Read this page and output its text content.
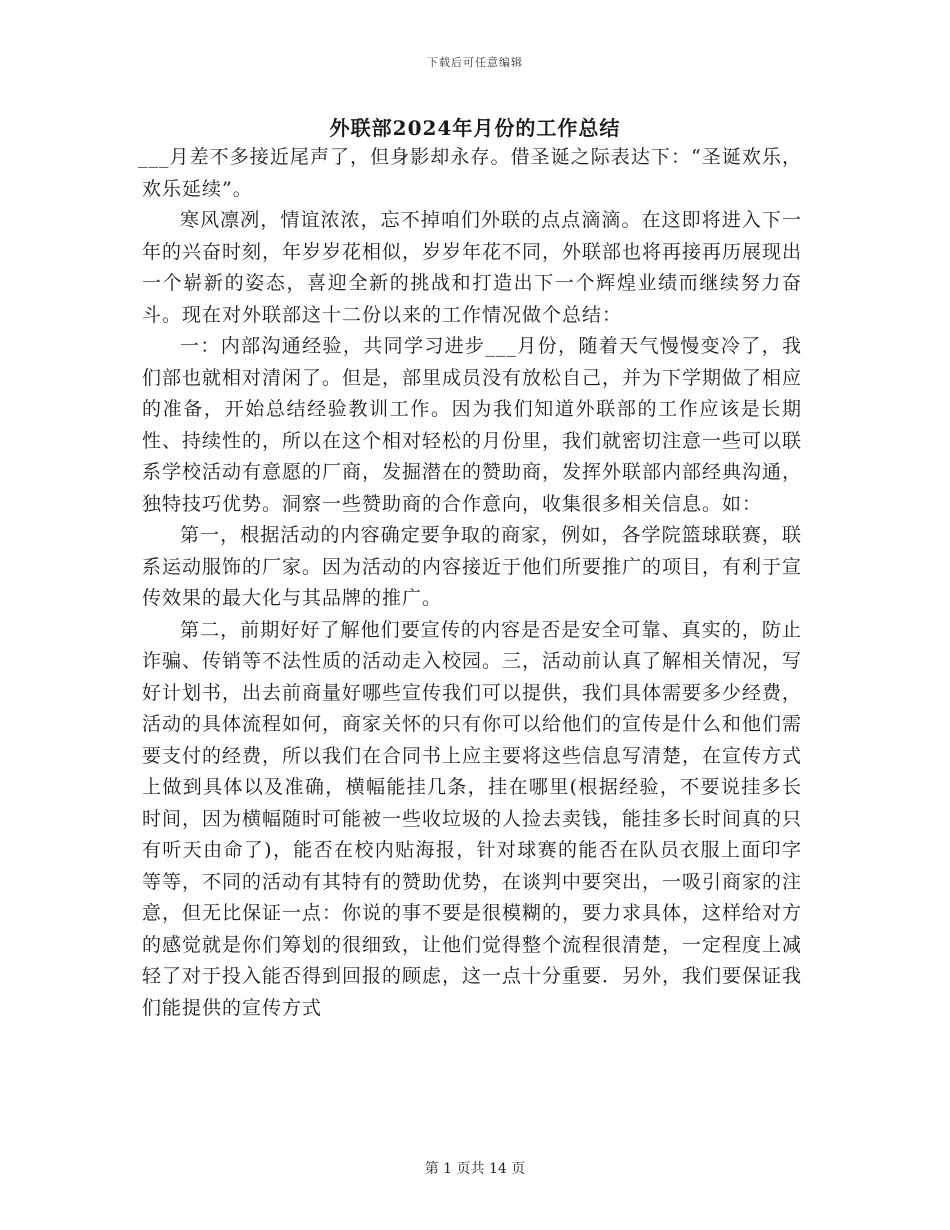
下载后可任意编辑
外联部2024年月份的工作总结

___月差不多接近尾声了，但身影却永存。借圣诞之际表达下：“圣诞欢乐，欢乐延续”。

寒风凛冽，情谊浓浓，忘不掉咱们外联的点点滴滴。在这即将进入下一年的兴奋时刻，年岁岁花相似，岁岁年花不同，外联部也将再接再历展现出一个崭新的姿态，喜迎全新的挑战和打造出下一个辉煌业绩而继续努力奋斗。现在对外联部这十二份以来的工作情况做个总结：

一：内部沟通经验，共同学习进步___月份，随着天气慢慢变冷了，我们部也就相对清闲了。但是，部里成员没有放松自己，并为下学期做了相应的准备，开始总结经验教训工作。因为我们知道外联部的工作应该是长期性、持续性的，所以在这个相对轻松的月份里，我们就密切注意一些可以联系学校活动有意愿的厂商，发掘潜在的赞助商，发挥外联部内部经典沟通，独特技巧优势。洞察一些赞助商的合作意向，收集很多相关信息。如：

第一，根据活动的内容确定要争取的商家，例如，各学院篮球联赛，联系运动服饰的厂家。因为活动的内容接近于他们所要推广的项目，有利于宣传效果的最大化与其品牌的推广。

第二，前期好好了解他们要宣传的内容是否是安全可靠、真实的，防止诈骗、传销等不法性质的活动走入校园。三，活动前认真了解相关情况，写好计划书，出去前商量好哪些宣传我们可以提供，我们具体需要多少经费，活动的具体流程如何，商家关怀的只有你可以给他们的宣传是什么和他们需要支付的经费，所以我们在合同书上应主要将这些信息写清楚，在宣传方式上做到具体以及准确，横幅能挂几条，挂在哪里(根据经验，不要说挂多长时间，因为横幅随时可能被一些收垃圾的人捡去卖钱，能挂多长时间真的只有听天由命了)，能否在校内贴海报，针对球赛的能否在队员衣服上面印字等等，不同的活动有其特有的赞助优势，在谈判中要突出，一吸引商家的注意，但无比保证一点：你说的事不要是很模糊的，要力求具体，这样给对方的感觉就是你们筹划的很细致，让他们觉得整个流程很清楚，一定程度上减轻了对于投入能否得到回报的顾虑，这一点十分重要．另外，我们要保证我们能提供的宣传方式

第 1 页共 14 页
